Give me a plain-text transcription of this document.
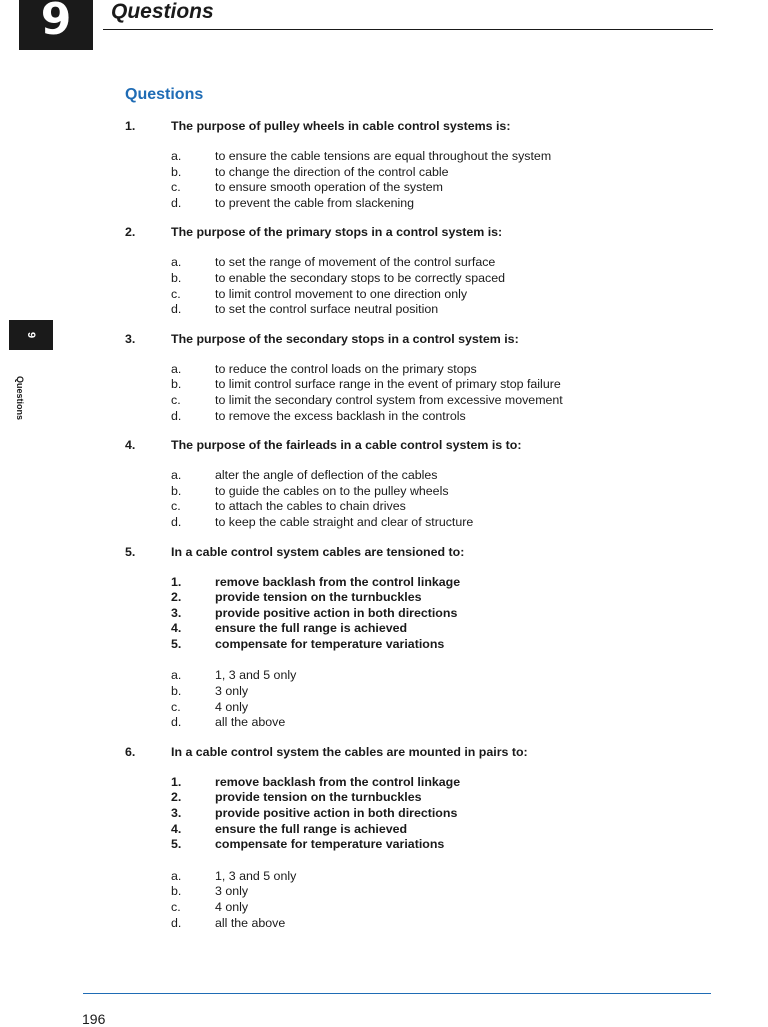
9	Questions
9
Questions
Questions
1.	The purpose of pulley wheels in cable control systems is:
a.	to ensure the cable tensions are equal throughout the system
b.	to change the direction of the control cable
c.	to ensure smooth operation of the system
d.	to prevent the cable from slackening
2.	The purpose of the primary stops in a control system is:
a.	to set the range of movement of the control surface
b.	to enable the secondary stops to be correctly spaced
c.	to limit control movement to one direction only
d.	to set the control surface neutral position
3.	The purpose of the secondary stops in a control system is:
a.	to reduce the control loads on the primary stops
b.	to limit control surface range in the event of primary stop failure
c.	to limit the secondary control system from excessive movement
d.	to remove the excess backlash in the controls
4.	The purpose of the fairleads in a cable control system is to:
a.	alter the angle of deflection of the cables
b.	to guide the cables on to the pulley wheels
c.	to attach the cables to chain drives
d.	to keep the cable straight and clear of structure
5.	In a cable control system cables are tensioned to:
1.	remove backlash from the control linkage
2.	provide tension on the turnbuckles
3.	provide positive action in both directions
4.	ensure the full range is achieved
5.	compensate for temperature variations
a.	1, 3 and 5 only
b.	3 only
c.	4 only
d.	all the above
6.	In a cable control system the cables are mounted in pairs to:
1.	remove backlash from the control linkage
2.	provide tension on the turnbuckles
3.	provide positive action in both directions
4.	ensure the full range is achieved
5.	compensate for temperature variations
a.	1, 3 and 5 only
b.	3 only
c.	4 only
d.	all the above
196
